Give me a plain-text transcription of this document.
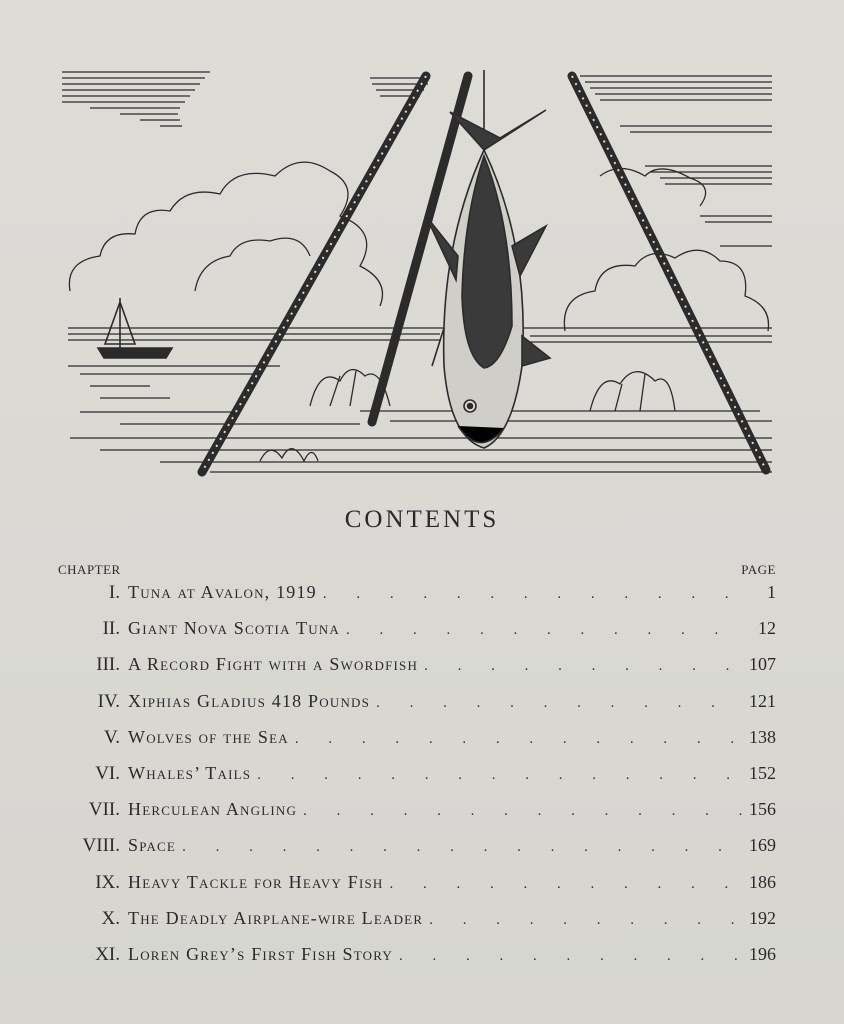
CONTENTS
CHAPTER	PAGE
I. Tuna at Avalon, 1919 . . .	1
II. Giant Nova Scotia Tuna . . .	12
III. A Record Fight with a Swordfish . . .	107
IV. Xiphias Gladius 418 Pounds . . .	121
V. Wolves of the Sea . . .	138
VI. Whales’ Tails . . .	152
VII. Herculean Angling . . .	156
VIII. Space . . .	169
IX. Heavy Tackle for Heavy Fish . . .	186
X. The Deadly Airplane-wire Leader . . .	192
XI. Loren Grey’s First Fish Story . . .	196
